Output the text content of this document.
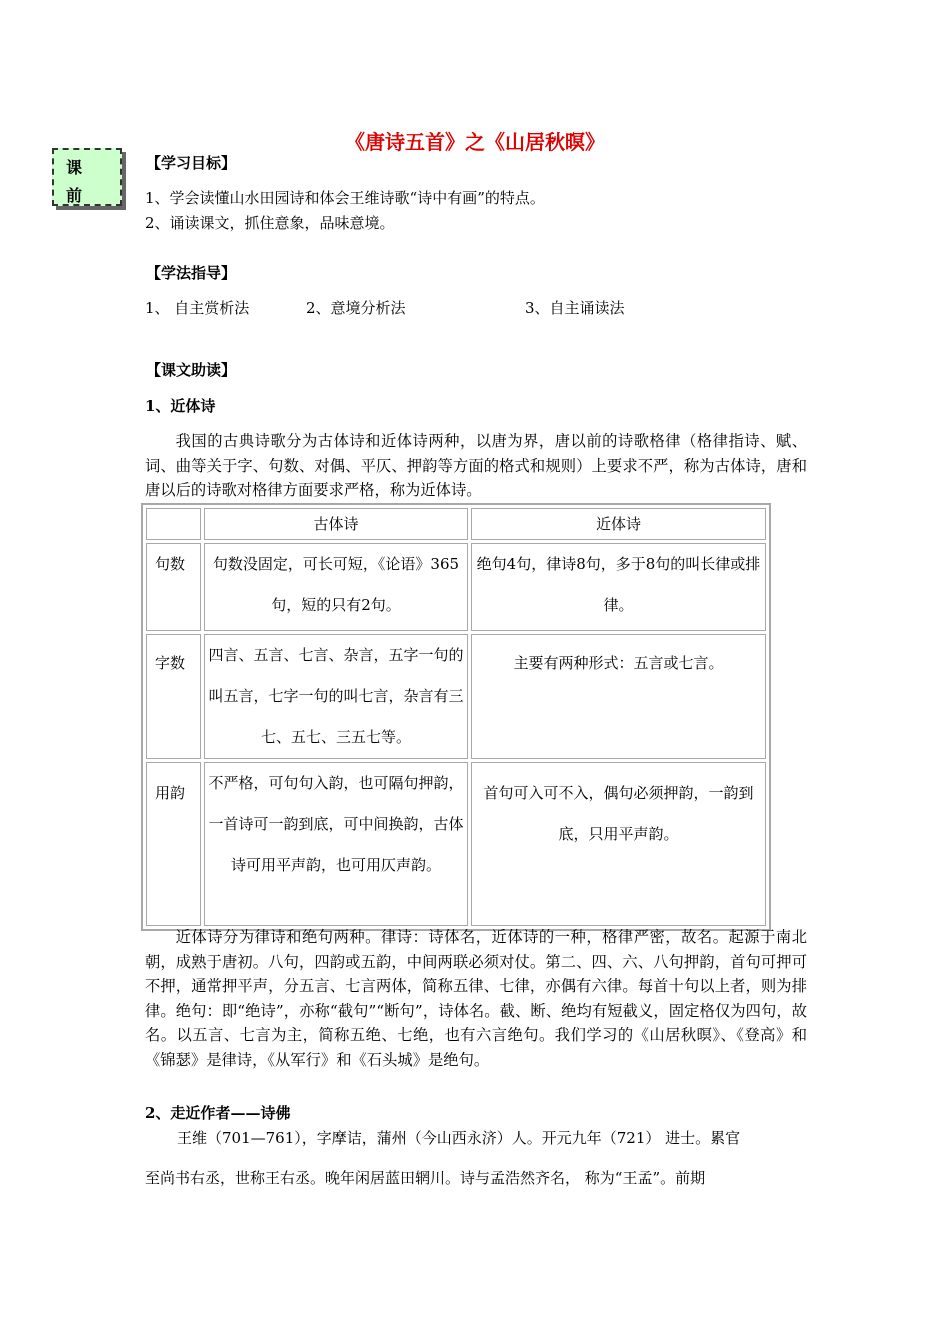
《唐诗五首》之《山居秋暝》
课
前
【学习目标】
1、学会读懂山水田园诗和体会王维诗歌“诗中有画”的特点。
2、诵读课文，抓住意象，品味意境。
【学法指导】
1、 自主赏析法	2、意境分析法	3、自主诵读法
【课文助读】
1、近体诗
我国的古典诗歌分为古体诗和近体诗两种，以唐为界，唐以前的诗歌格律（格律指诗、赋、词、曲等关于字、句数、对偶、平仄、押韵等方面的格式和规则）上要求不严，称为古体诗，唐和唐以后的诗歌对格律方面要求严格，称为近体诗。
	古体诗	近体诗
句数	句数没固定，可长可短，《论语》365句，短的只有2句。	绝句4句，律诗8句，多于8句的叫长律或排律。
字数	四言、五言、七言、杂言，五字一句的叫五言，七字一句的叫七言，杂言有三七、五七、三五七等。	主要有两种形式：五言或七言。
用韵	不严格，可句句入韵，也可隔句押韵，一首诗可一韵到底，可中间换韵，古体诗可用平声韵，也可用仄声韵。	首句可入可不入，偶句必须押韵，一韵到底，只用平声韵。
近体诗分为律诗和绝句两种。律诗：诗体名，近体诗的一种，格律严密，故名。起源于南北朝，成熟于唐初。八句，四韵或五韵，中间两联必须对仗。第二、四、六、八句押韵，首句可押可不押，通常押平声，分五言、七言两体，简称五律、七律，亦偶有六律。每首十句以上者，则为排律。绝句：即“绝诗”，亦称“截句”“断句”，诗体名。截、断、绝均有短截义，固定格仅为四句，故名。以五言、七言为主，简称五绝、七绝，也有六言绝句。我们学习的《山居秋暝》、《登高》和《锦瑟》是律诗，《从军行》和《石头城》是绝句。
2、走近作者——诗佛
王维（701—761），字摩诘，蒲州（今山西永济）人。开元九年（721） 进士。累官
至尚书右丞，世称王右丞。晚年闲居蓝田辋川。诗与孟浩然齐名， 称为“王孟”。前期
